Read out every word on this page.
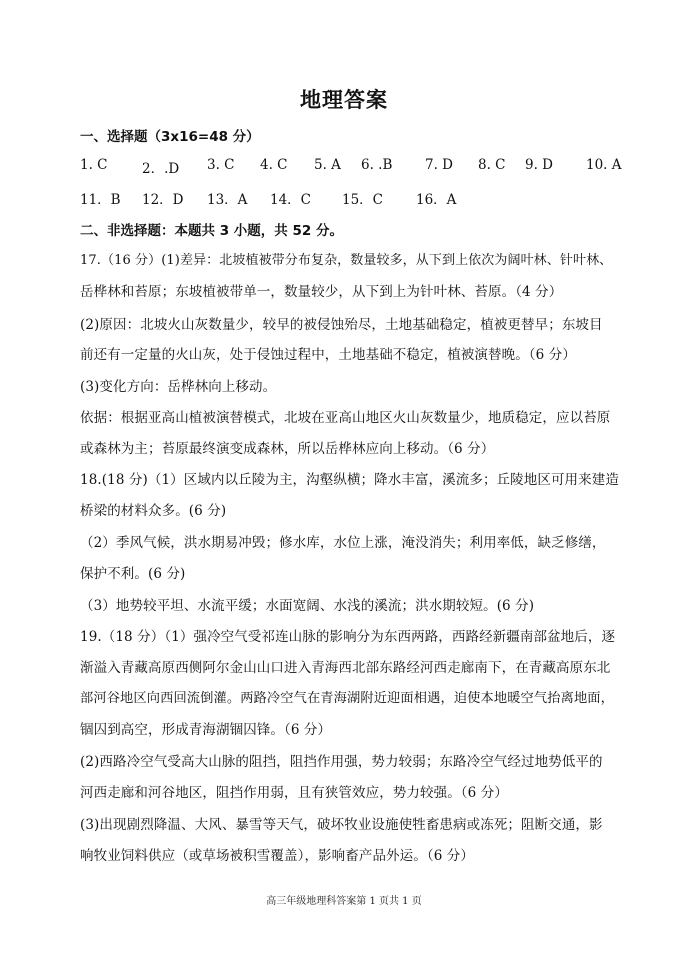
地理答案
一、选择题（3x16=48 分）
1. C	2．.D 3. C 4. C 5. A 6. .B 7. D 8. C 9. D 10. A
11．B 12．D 13．A 14．C 15．C 16．A
二、非选择题：本题共 3 小题，共 52 分。
17.（16 分）(1)差异：北坡植被带分布复杂，数量较多，从下到上依次为阔叶林、针叶林、
岳桦林和苔原；东坡植被带单一，数量较少，从下到上为针叶林、苔原。（4 分）
(2)原因：北坡火山灰数量少，较早的被侵蚀殆尽，土地基础稳定，植被更替早；东坡目
前还有一定量的火山灰，处于侵蚀过程中，土地基础不稳定，植被演替晚。（6 分）
(3)变化方向：岳桦林向上移动。
依据：根据亚高山植被演替模式，北坡在亚高山地区火山灰数量少，地质稳定，应以苔原
或森林为主；苔原最终演变成森林，所以岳桦林应向上移动。（6 分）
18.(18 分)（1）区域内以丘陵为主，沟壑纵横；降水丰富，溪流多；丘陵地区可用来建造
桥梁的材料众多。(6 分)
（2）季风气候，洪水期易冲毁；修水库，水位上涨，淹没消失；利用率低，缺乏修缮，
保护不利。(6 分)
（3）地势较平坦、水流平缓；水面宽阔、水浅的溪流；洪水期较短。(6 分)
19.（18 分）（1）强冷空气受祁连山脉的影响分为东西两路，西路经新疆南部盆地后，逐
渐溢入青藏高原西侧阿尔金山山口进入青海西北部东路经河西走廊南下，在青藏高原东北
部河谷地区向西回流倒灌。两路冷空气在青海湖附近迎面相遇，迫使本地暖空气抬离地面，
锢囚到高空，形成青海湖锢囚锋。（6 分）
(2)西路冷空气受高大山脉的阻挡，阻挡作用强，势力较弱；东路冷空气经过地势低平的
河西走廊和河谷地区，阻挡作用弱，且有狭管效应，势力较强。（6 分）
(3)出现剧烈降温、大风、暴雪等天气，破坏牧业设施使牲畜患病或冻死；阻断交通，影
响牧业饲料供应（或草场被积雪覆盖），影响畜产品外运。（6 分）
高三年级地理科答案第 1 页共 1 页
